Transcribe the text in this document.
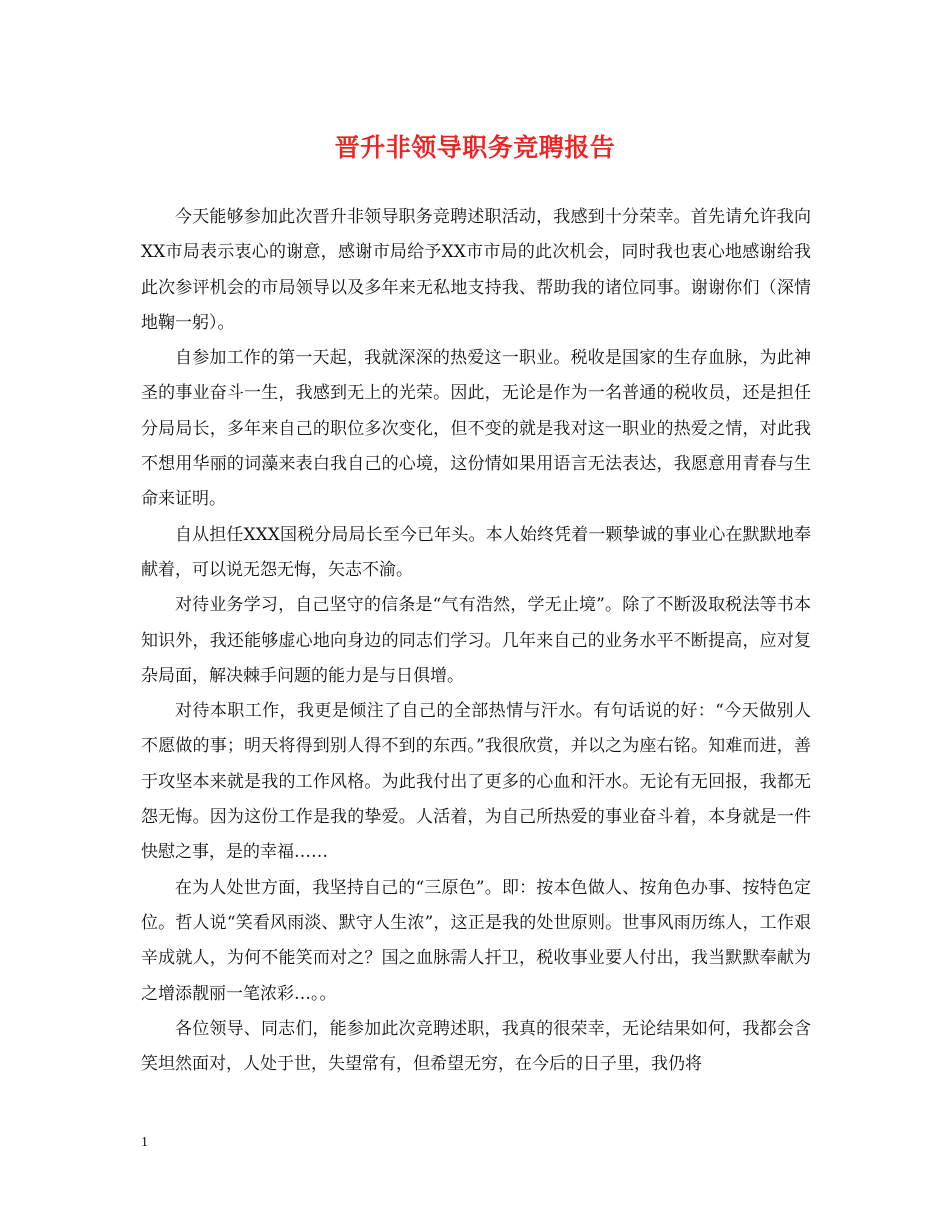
晋升非领导职务竞聘报告

今天能够参加此次晋升非领导职务竞聘述职活动，我感到十分荣幸。首先请允许我向XX市局表示衷心的谢意，感谢市局给予XX市市局的此次机会，同时我也衷心地感谢给我此次参评机会的市局领导以及多年来无私地支持我、帮助我的诸位同事。谢谢你们（深情地鞠一躬）。

自参加工作的第一天起，我就深深的热爱这一职业。税收是国家的生存血脉，为此神圣的事业奋斗一生，我感到无上的光荣。因此，无论是作为一名普通的税收员，还是担任分局局长，多年来自己的职位多次变化，但不变的就是我对这一职业的热爱之情，对此我不想用华丽的词藻来表白我自己的心境，这份情如果用语言无法表达，我愿意用青春与生命来证明。

自从担任XXX国税分局局长至今已年头。本人始终凭着一颗挚诚的事业心在默默地奉献着，可以说无怨无悔，矢志不渝。

对待业务学习，自己坚守的信条是“气有浩然，学无止境”。除了不断汲取税法等书本知识外，我还能够虚心地向身边的同志们学习。几年来自己的业务水平不断提高，应对复杂局面，解决棘手问题的能力是与日俱增。

对待本职工作，我更是倾注了自己的全部热情与汗水。有句话说的好：“今天做别人不愿做的事；明天将得到别人得不到的东西。”我很欣赏，并以之为座右铭。知难而进，善于攻坚本来就是我的工作风格。为此我付出了更多的心血和汗水。无论有无回报，我都无怨无悔。因为这份工作是我的挚爱。人活着，为自己所热爱的事业奋斗着，本身就是一件快慰之事，是的幸福……

在为人处世方面，我坚持自己的“三原色”。即：按本色做人、按角色办事、按特色定位。哲人说“笑看风雨淡、默守人生浓”，这正是我的处世原则。世事风雨历练人，工作艰辛成就人，为何不能笑而对之？国之血脉需人扞卫，税收事业要人付出，我当默默奉献为之增添靓丽一笔浓彩…。。

各位领导、同志们，能参加此次竞聘述职，我真的很荣幸，无论结果如何，我都会含笑坦然面对，人处于世，失望常有，但希望无穷，在今后的日子里，我仍将

1
